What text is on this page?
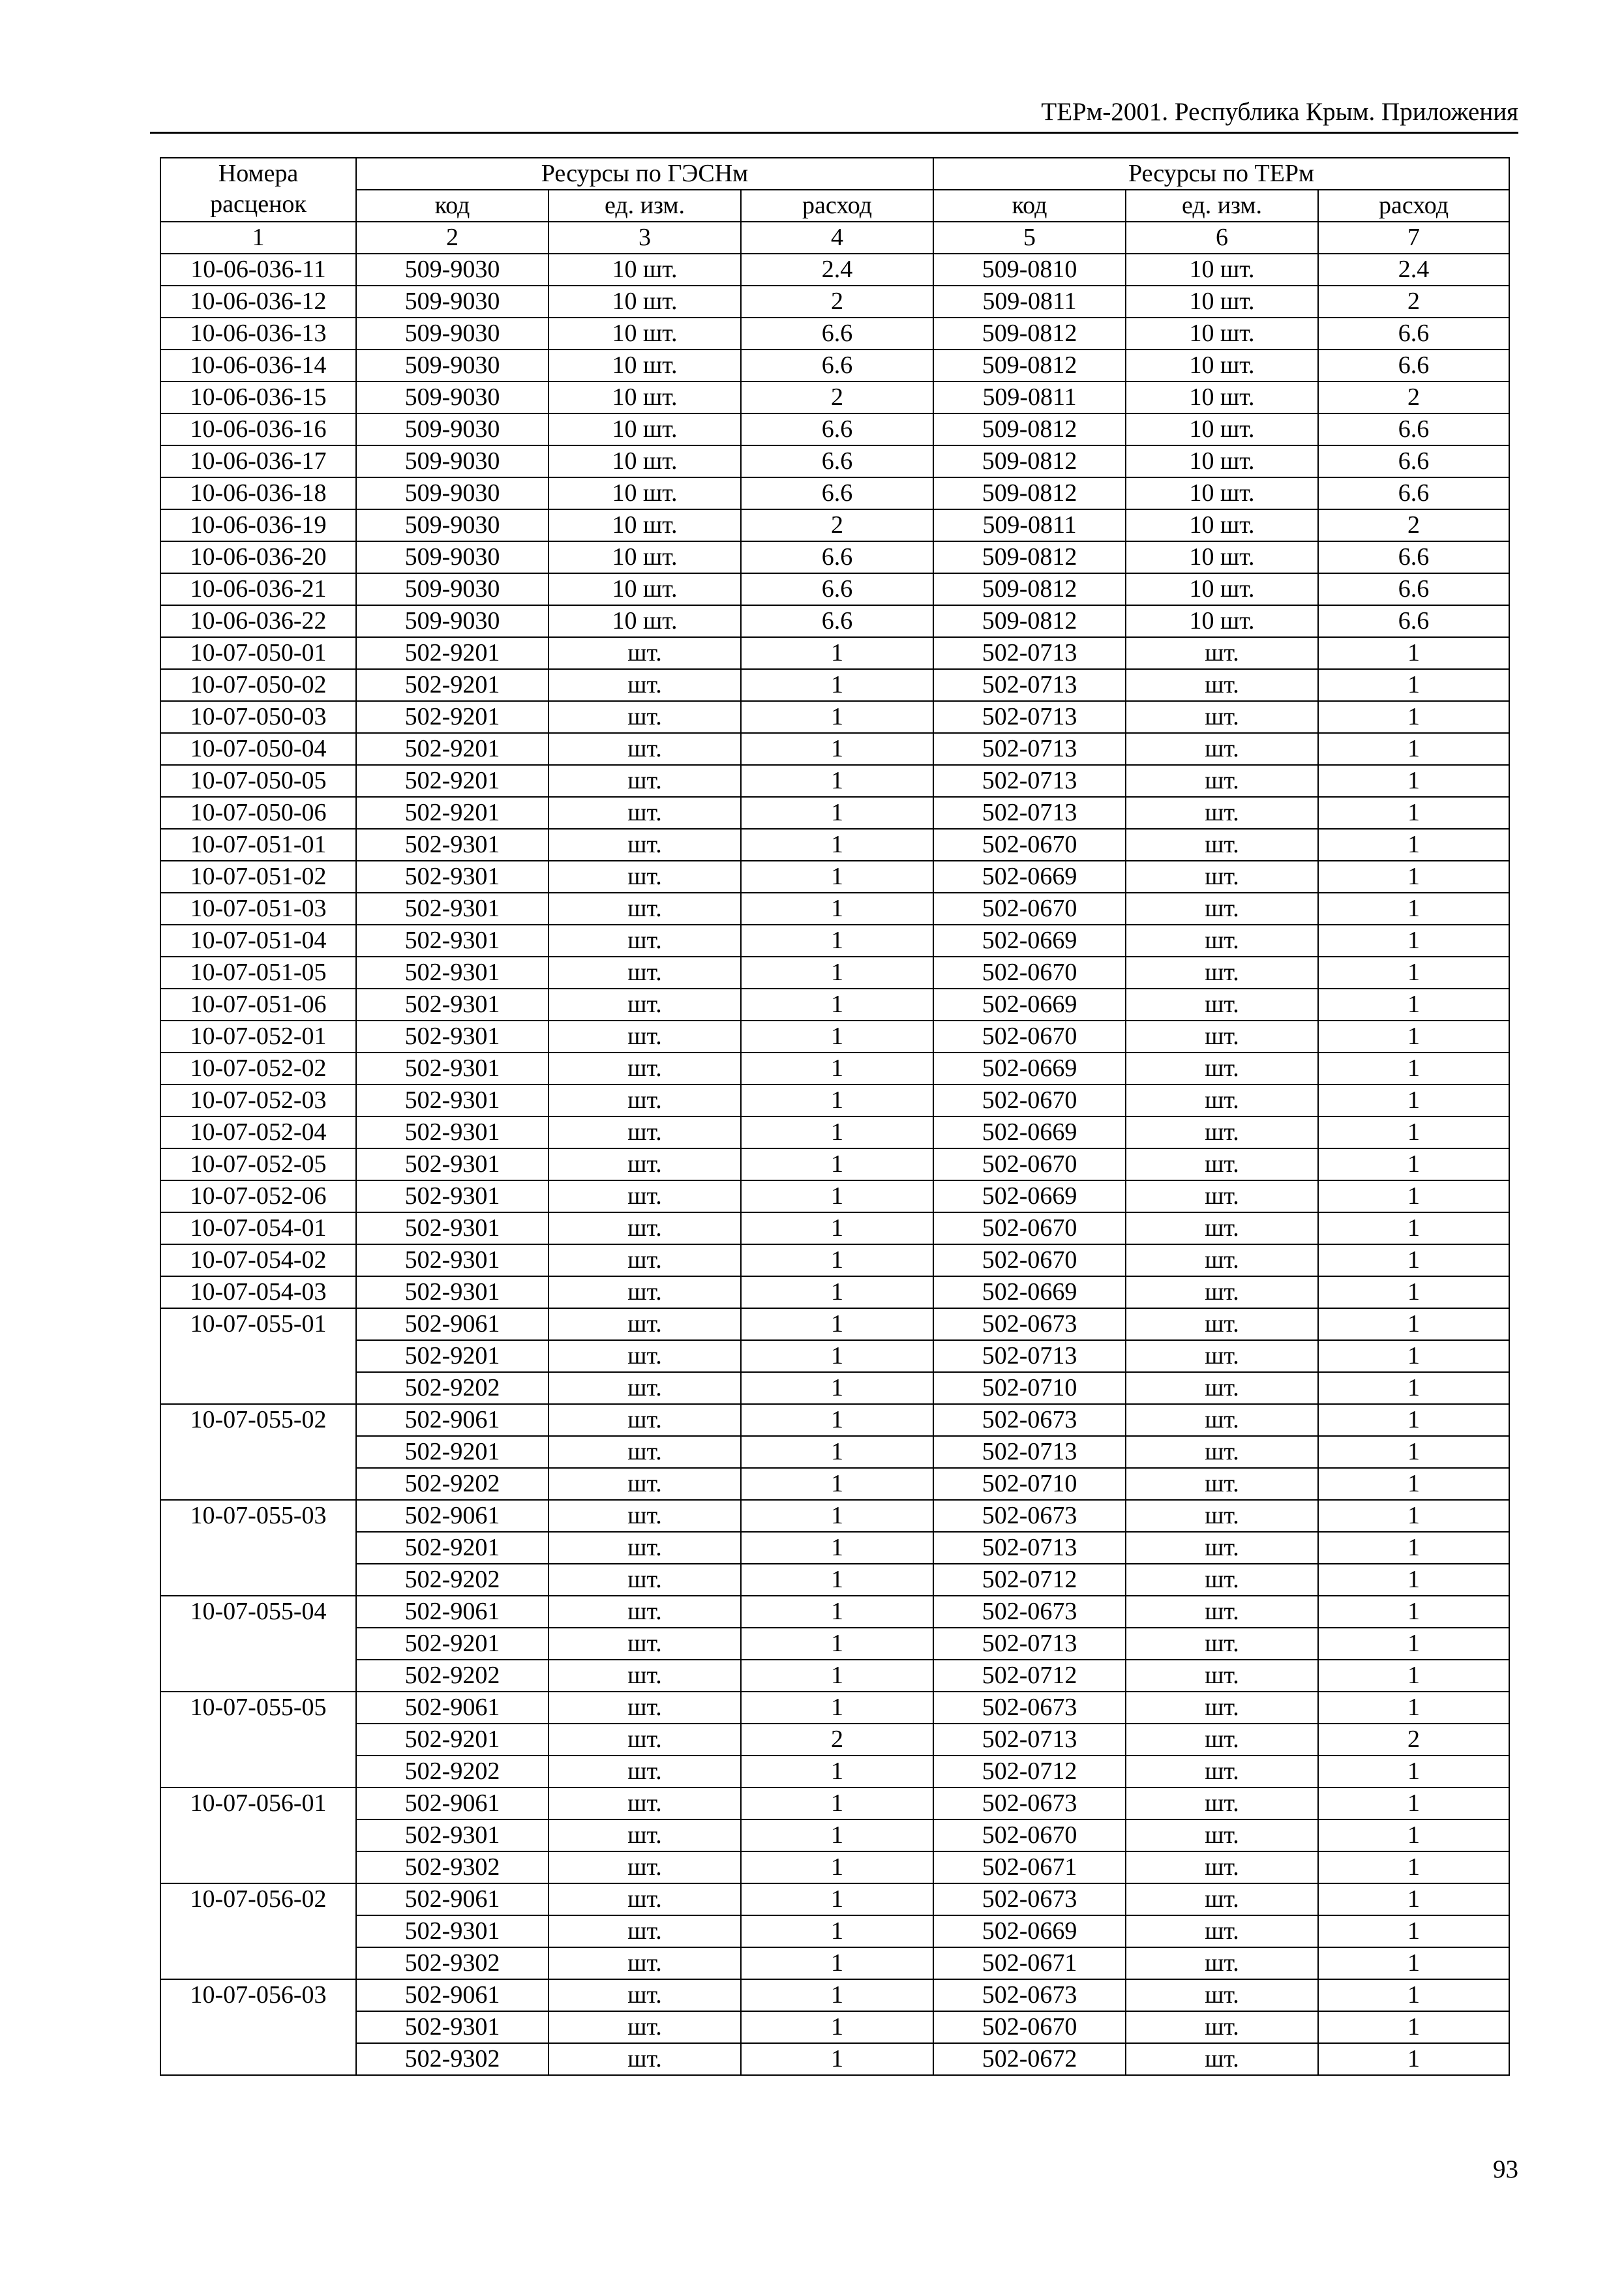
ТЕРм-2001. Республика Крым. Приложения
Номера
расценок	Ресурсы по ГЭСНм			Ресурсы по ТЕРм		
	код	ед. изм.	расход	код	ед. изм.	расход
1	2	3	4	5	6	7
10-06-036-11	509-9030	10 шт.	2.4	509-0810	10 шт.	2.4
10-06-036-12	509-9030	10 шт.	2	509-0811	10 шт.	2
10-06-036-13	509-9030	10 шт.	6.6	509-0812	10 шт.	6.6
10-06-036-14	509-9030	10 шт.	6.6	509-0812	10 шт.	6.6
10-06-036-15	509-9030	10 шт.	2	509-0811	10 шт.	2
10-06-036-16	509-9030	10 шт.	6.6	509-0812	10 шт.	6.6
10-06-036-17	509-9030	10 шт.	6.6	509-0812	10 шт.	6.6
10-06-036-18	509-9030	10 шт.	6.6	509-0812	10 шт.	6.6
10-06-036-19	509-9030	10 шт.	2	509-0811	10 шт.	2
10-06-036-20	509-9030	10 шт.	6.6	509-0812	10 шт.	6.6
10-06-036-21	509-9030	10 шт.	6.6	509-0812	10 шт.	6.6
10-06-036-22	509-9030	10 шт.	6.6	509-0812	10 шт.	6.6
10-07-050-01	502-9201	шт.	1	502-0713	шт.	1
10-07-050-02	502-9201	шт.	1	502-0713	шт.	1
10-07-050-03	502-9201	шт.	1	502-0713	шт.	1
10-07-050-04	502-9201	шт.	1	502-0713	шт.	1
10-07-050-05	502-9201	шт.	1	502-0713	шт.	1
10-07-050-06	502-9201	шт.	1	502-0713	шт.	1
10-07-051-01	502-9301	шт.	1	502-0670	шт.	1
10-07-051-02	502-9301	шт.	1	502-0669	шт.	1
10-07-051-03	502-9301	шт.	1	502-0670	шт.	1
10-07-051-04	502-9301	шт.	1	502-0669	шт.	1
10-07-051-05	502-9301	шт.	1	502-0670	шт.	1
10-07-051-06	502-9301	шт.	1	502-0669	шт.	1
10-07-052-01	502-9301	шт.	1	502-0670	шт.	1
10-07-052-02	502-9301	шт.	1	502-0669	шт.	1
10-07-052-03	502-9301	шт.	1	502-0670	шт.	1
10-07-052-04	502-9301	шт.	1	502-0669	шт.	1
10-07-052-05	502-9301	шт.	1	502-0670	шт.	1
10-07-052-06	502-9301	шт.	1	502-0669	шт.	1
10-07-054-01	502-9301	шт.	1	502-0670	шт.	1
10-07-054-02	502-9301	шт.	1	502-0670	шт.	1
10-07-054-03	502-9301	шт.	1	502-0669	шт.	1
10-07-055-01	502-9061	шт.	1	502-0673	шт.	1
	502-9201	шт.	1	502-0713	шт.	1
	502-9202	шт.	1	502-0710	шт.	1
10-07-055-02	502-9061	шт.	1	502-0673	шт.	1
	502-9201	шт.	1	502-0713	шт.	1
	502-9202	шт.	1	502-0710	шт.	1
10-07-055-03	502-9061	шт.	1	502-0673	шт.	1
	502-9201	шт.	1	502-0713	шт.	1
	502-9202	шт.	1	502-0712	шт.	1
10-07-055-04	502-9061	шт.	1	502-0673	шт.	1
	502-9201	шт.	1	502-0713	шт.	1
	502-9202	шт.	1	502-0712	шт.	1
10-07-055-05	502-9061	шт.	1	502-0673	шт.	1
	502-9201	шт.	2	502-0713	шт.	2
	502-9202	шт.	1	502-0712	шт.	1
10-07-056-01	502-9061	шт.	1	502-0673	шт.	1
	502-9301	шт.	1	502-0670	шт.	1
	502-9302	шт.	1	502-0671	шт.	1
10-07-056-02	502-9061	шт.	1	502-0673	шт.	1
	502-9301	шт.	1	502-0669	шт.	1
	502-9302	шт.	1	502-0671	шт.	1
10-07-056-03	502-9061	шт.	1	502-0673	шт.	1
	502-9301	шт.	1	502-0670	шт.	1
	502-9302	шт.	1	502-0672	шт.	1
93
